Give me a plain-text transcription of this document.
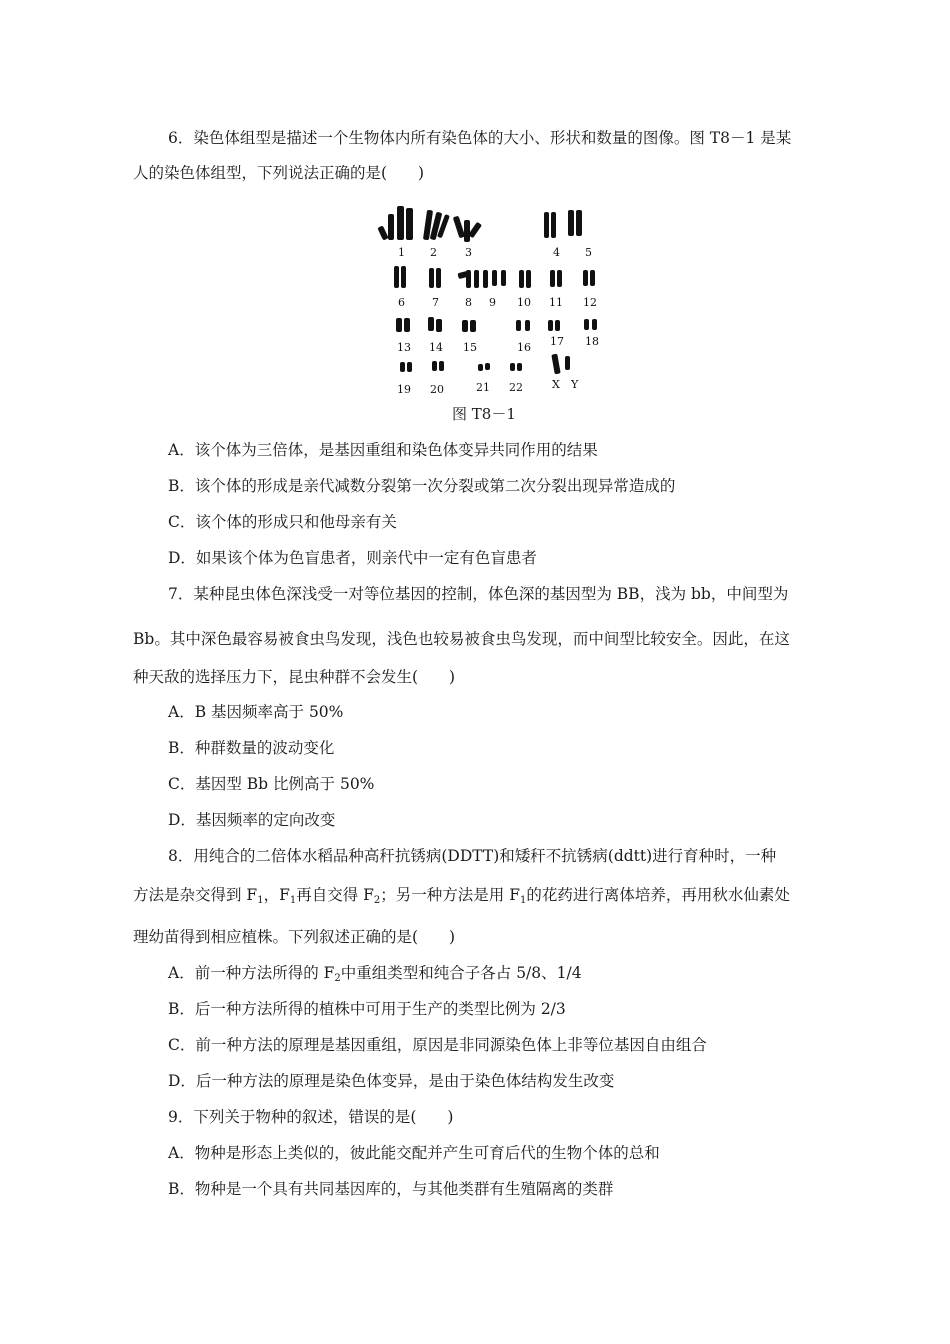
6．染色体组型是描述一个生物体内所有染色体的大小、形状和数量的图像。图 T8－1 是某
人的染色体组型，下列说法正确的是(　　)
1 2	3	4 5
6 7 8 9 10 11 12
13 14 15	16 17 18
19 20	21 22	X Y
图 T8－1
A．该个体为三倍体，是基因重组和染色体变异共同作用的结果
B．该个体的形成是亲代减数分裂第一次分裂或第二次分裂出现异常造成的
C．该个体的形成只和他母亲有关
D．如果该个体为色盲患者，则亲代中一定有色盲患者
7．某种昆虫体色深浅受一对等位基因的控制，体色深的基因型为 BB，浅为 bb，中间型为
Bb。其中深色最容易被食虫鸟发现，浅色也较易被食虫鸟发现，而中间型比较安全。因此，在这
种天敌的选择压力下，昆虫种群不会发生(　　)
A．B 基因频率高于 50%
B．种群数量的波动变化
C．基因型 Bb 比例高于 50%
D．基因频率的定向改变
8．用纯合的二倍体水稻品种高秆抗锈病(DDTT)和矮秆不抗锈病(ddtt)进行育种时，一种
方法是杂交得到 $F_1$，$F_1$再自交得 $F_2$；另一种方法是用 $F_1$的花药进行离体培养，再用秋水仙素处
理幼苗得到相应植株。下列叙述正确的是(　　)
A．前一种方法所得的 $F_2$中重组类型和纯合子各占 5/8、1/4
B．后一种方法所得的植株中可用于生产的类型比例为 2/3
C．前一种方法的原理是基因重组，原因是非同源染色体上非等位基因自由组合
D．后一种方法的原理是染色体变异，是由于染色体结构发生改变
9．下列关于物种的叙述，错误的是(　　)
A．物种是形态上类似的，彼此能交配并产生可育后代的生物个体的总和
B．物种是一个具有共同基因库的，与其他类群有生殖隔离的类群
